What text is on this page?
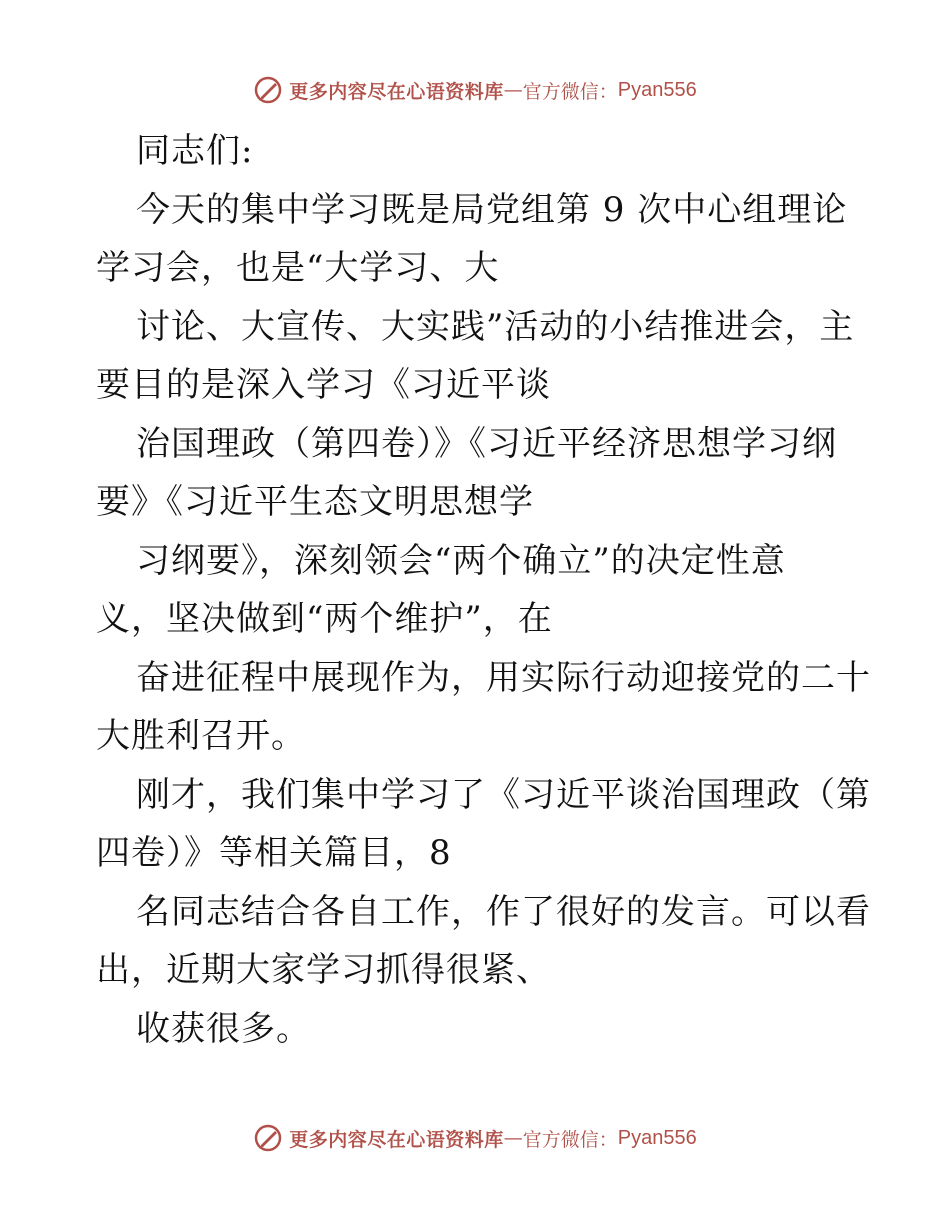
更多内容尽在心语资料库 — 官方微信： Pyan556
同志们:
今天的集中学习既是局党组第 9 次中心组理论
学习会，也是“大学习、大
讨论、大宣传、大实践”活动的小结推进会，主
要目的是深入学习《习近平谈
治国理政（第四卷）》《习近平经济思想学习纲
要》《习近平生态文明思想学
习纲要》，深刻领会“两个确立”的决定性意
义，坚决做到“两个维护”，在
奋进征程中展现作为，用实际行动迎接党的二十
大胜利召开。
刚才，我们集中学习了《习近平谈治国理政（第
四卷）》等相关篇目，8
名同志结合各自工作，作了很好的发言。可以看
出，近期大家学习抓得很紧、
收获很多。
更多内容尽在心语资料库 — 官方微信： Pyan556
